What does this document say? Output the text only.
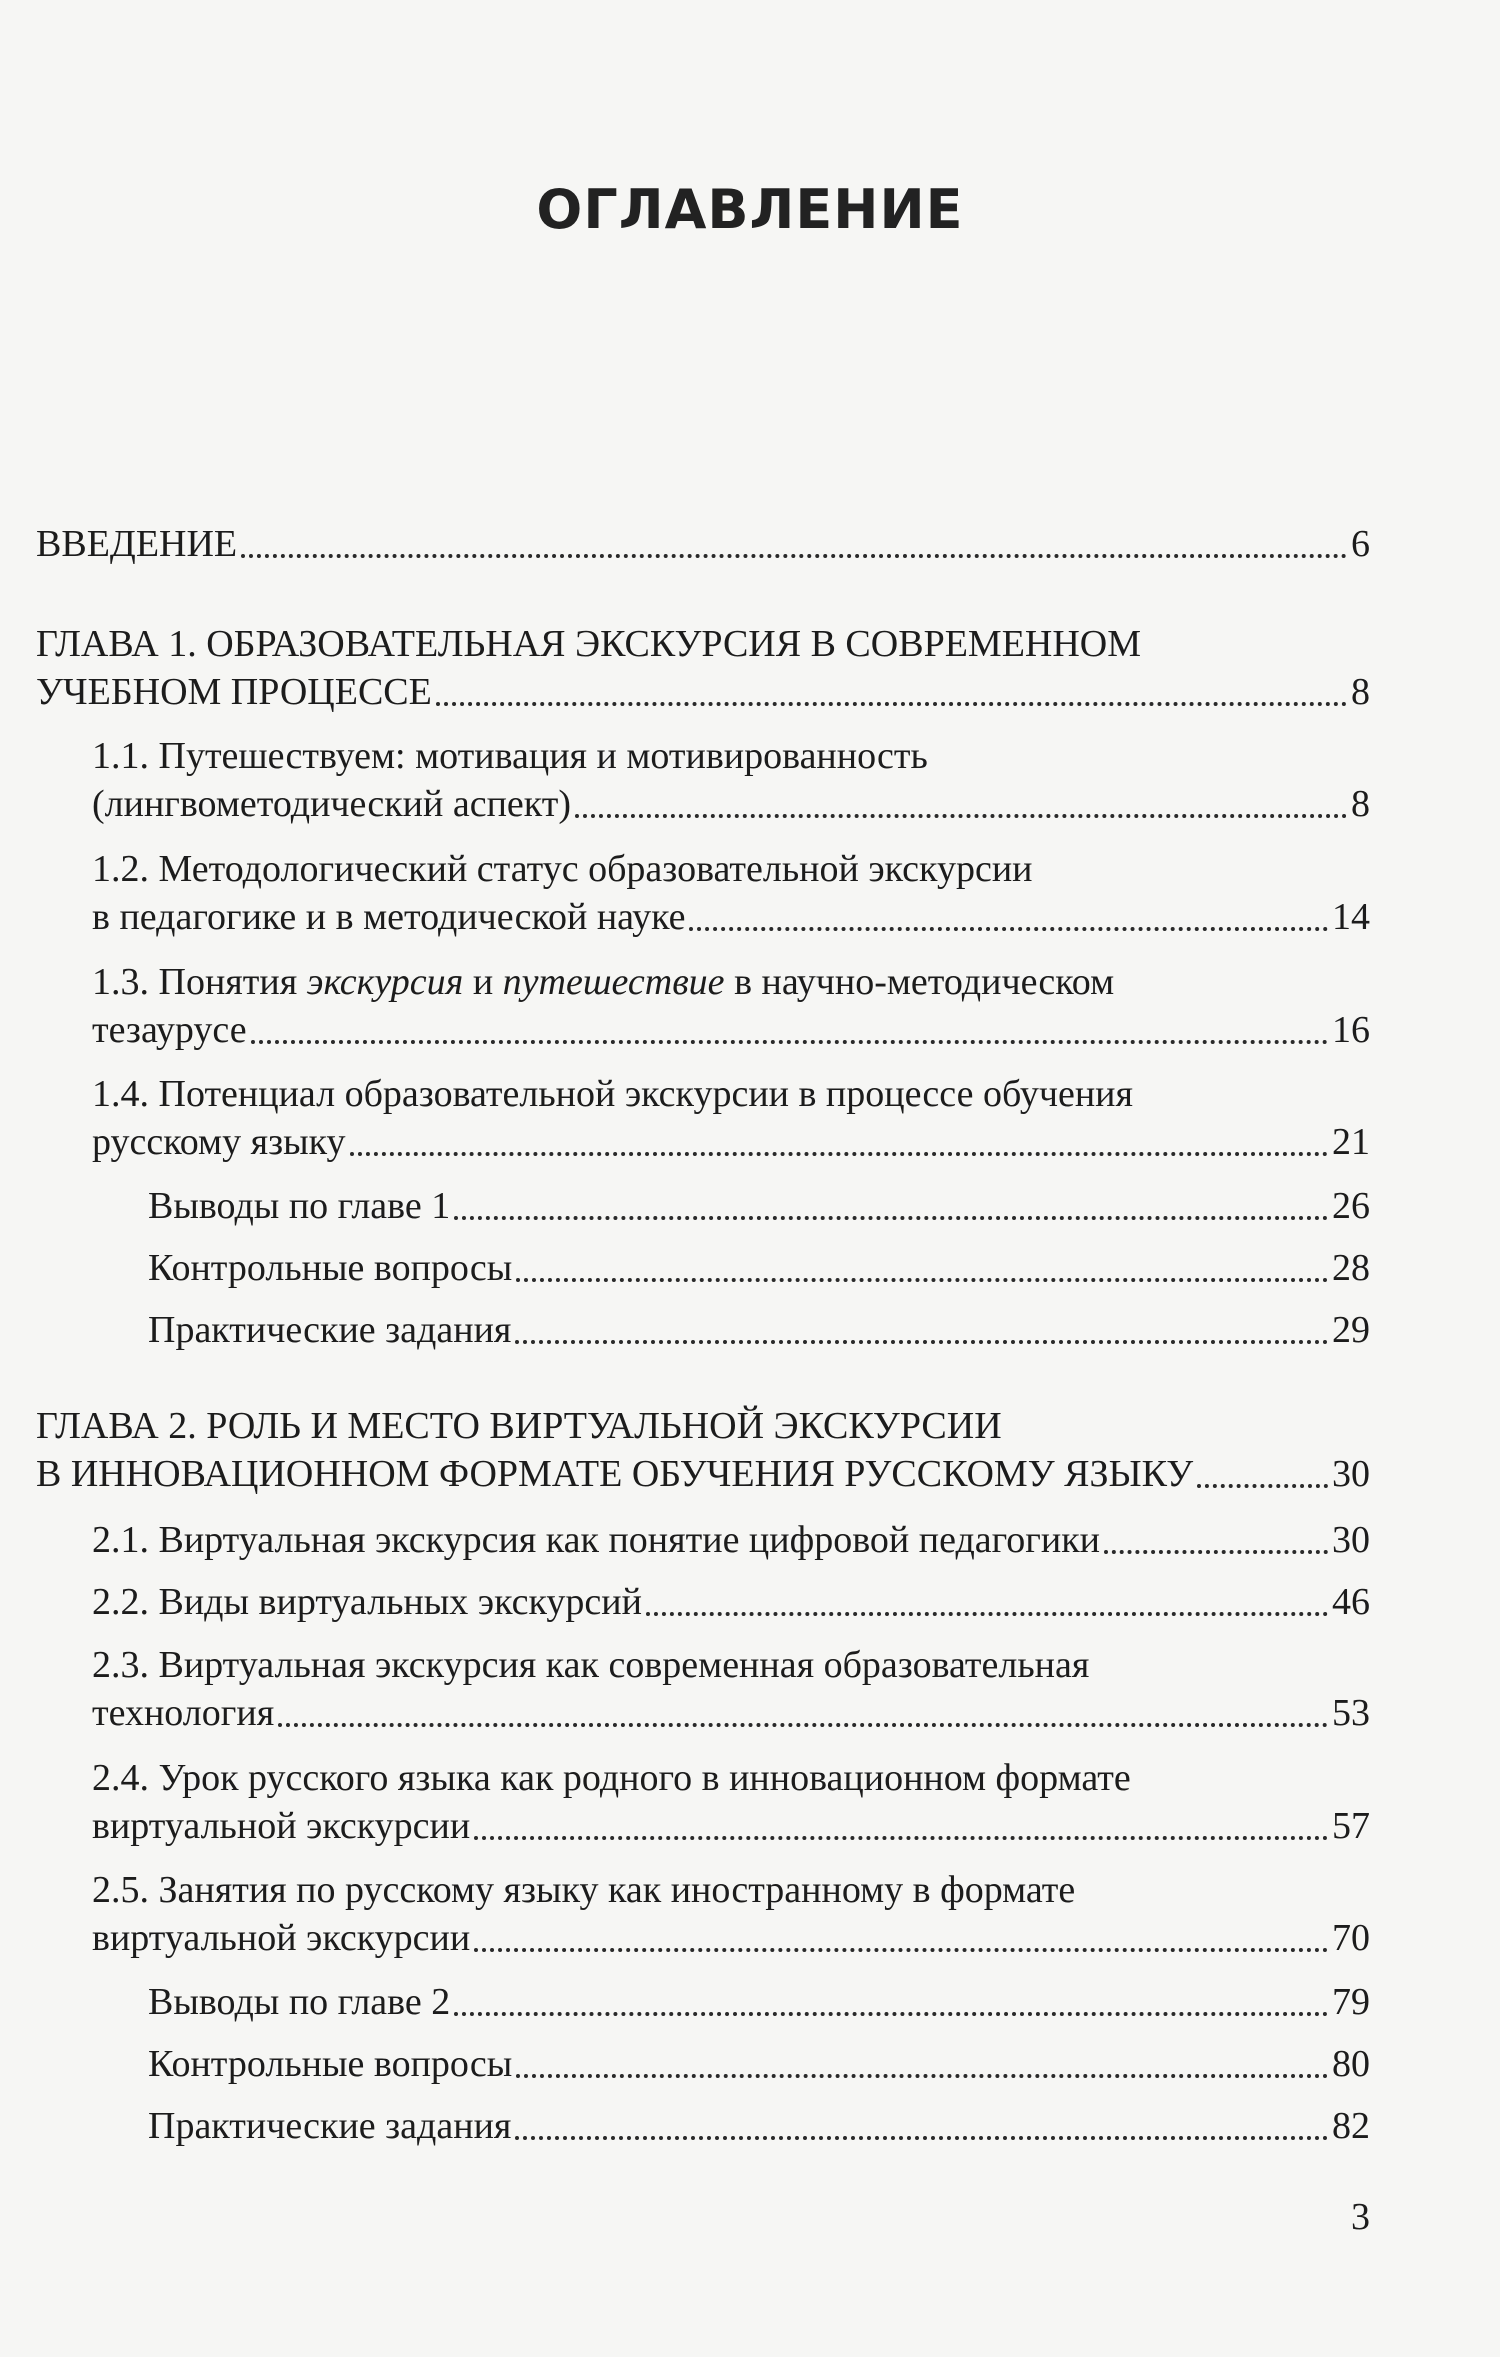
ОГЛАВЛЕНИЕ
ВВЕДЕНИЕ	6
ГЛАВА 1. ОБРАЗОВАТЕЛЬНАЯ ЭКСКУРСИЯ В СОВРЕМЕННОМ
УЧЕБНОМ ПРОЦЕССЕ	8
1.1. Путешествуем: мотивация и мотивированность
(лингвометодический аспект)	8
1.2. Методологический статус образовательной экскурсии
в педагогике и в методической науке	14
1.3. Понятия экскурсия и путешествие в научно-методическом
тезаурусе	16
1.4. Потенциал образовательной экскурсии в процессе обучения
русскому языку	21
Выводы по главе 1	26
Контрольные вопросы	28
Практические задания	29
ГЛАВА 2. РОЛЬ И МЕСТО ВИРТУАЛЬНОЙ ЭКСКУРСИИ
В ИННОВАЦИОННОМ ФОРМАТЕ ОБУЧЕНИЯ РУССКОМУ ЯЗЫКУ	30
2.1. Виртуальная экскурсия как понятие цифровой педагогики	30
2.2. Виды виртуальных экскурсий	46
2.3. Виртуальная экскурсия как современная образовательная
технология	53
2.4. Урок русского языка как родного в инновационном формате
виртуальной экскурсии	57
2.5. Занятия по русскому языку как иностранному в формате
виртуальной экскурсии	70
Выводы по главе 2	79
Контрольные вопросы	80
Практические задания	82
3
